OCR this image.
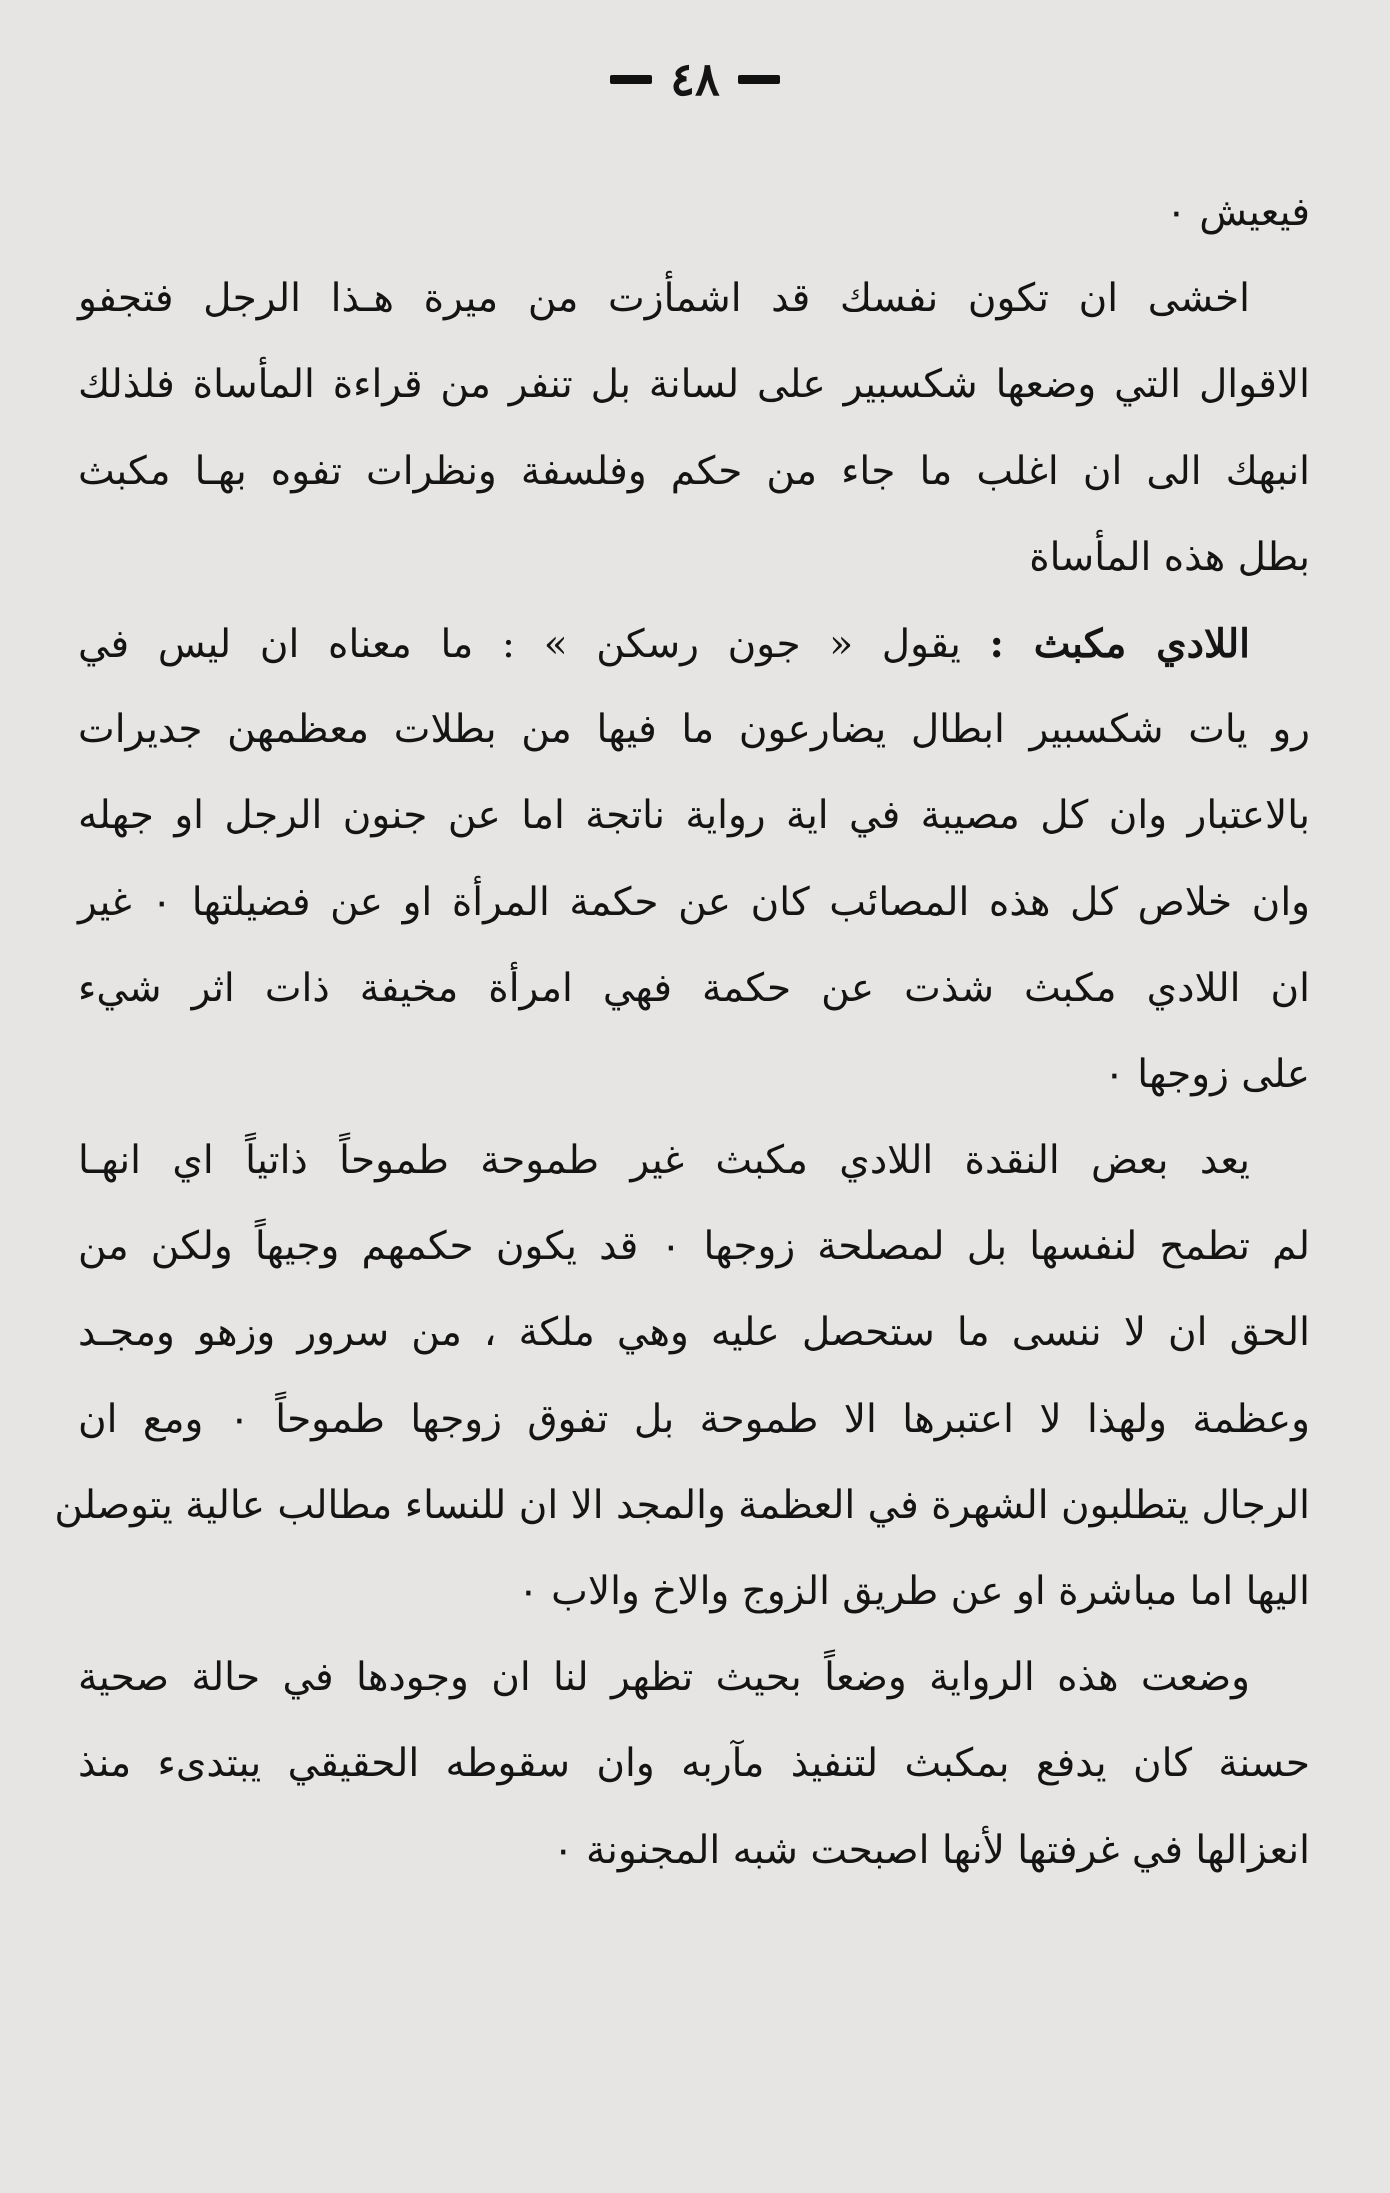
٤٨
فيعيش ٠
اخشى ان تكون نفسك قد اشمأزت من ميرة هـذا الرجل فتجفو
الاقوال التي وضعها شكسبير على لسانة بل تنفر من قراءة المأساة فلذلك
انبهك الى ان اغلب ما جاء من حكم وفلسفة ونظرات تفوه بهـا مكبث
بطل هذه المأساة
اللادي مكبث : يقول « جون رسكن » : ما معناه ان ليس في
رو يات شكسبير ابطال يضارعون ما فيها من بطلات معظمهن جديرات
بالاعتبار وان كل مصيبة في اية رواية ناتجة اما عن جنون الرجل او جهله
وان خلاص كل هذه المصائب كان عن حكمة المرأة او عن فضيلتها ٠ غير
ان اللادي مكبث شذت عن حكمة فهي امرأة مخيفة ذات اثر شيء
على زوجها ٠
يعد بعض النقدة اللادي مكبث غير طموحة طموحاً ذاتياً اي انهـا
لم تطمح لنفسها بل لمصلحة زوجها ٠ قد يكون حكمهم وجيهاً ولكن من
الحق ان لا ننسى ما ستحصل عليه وهي ملكة ، من سرور وزهو ومجـد
وعظمة ولهذا لا اعتبرها الا طموحة بل تفوق زوجها طموحاً ٠ ومع ان
الرجال يتطلبون الشهرة في العظمة والمجد الا ان للنساء مطالب عالية يتوصلن
اليها اما مباشرة او عن طريق الزوج والاخ والاب ٠
وضعت هذه الرواية وضعاً بحيث تظهر لنا ان وجودها في حالة صحية
حسنة كان يدفع بمكبث لتنفيذ مآربه وان سقوطه الحقيقي يبتدىء منذ
انعزالها في غرفتها لأنها اصبحت شبه المجنونة ٠
